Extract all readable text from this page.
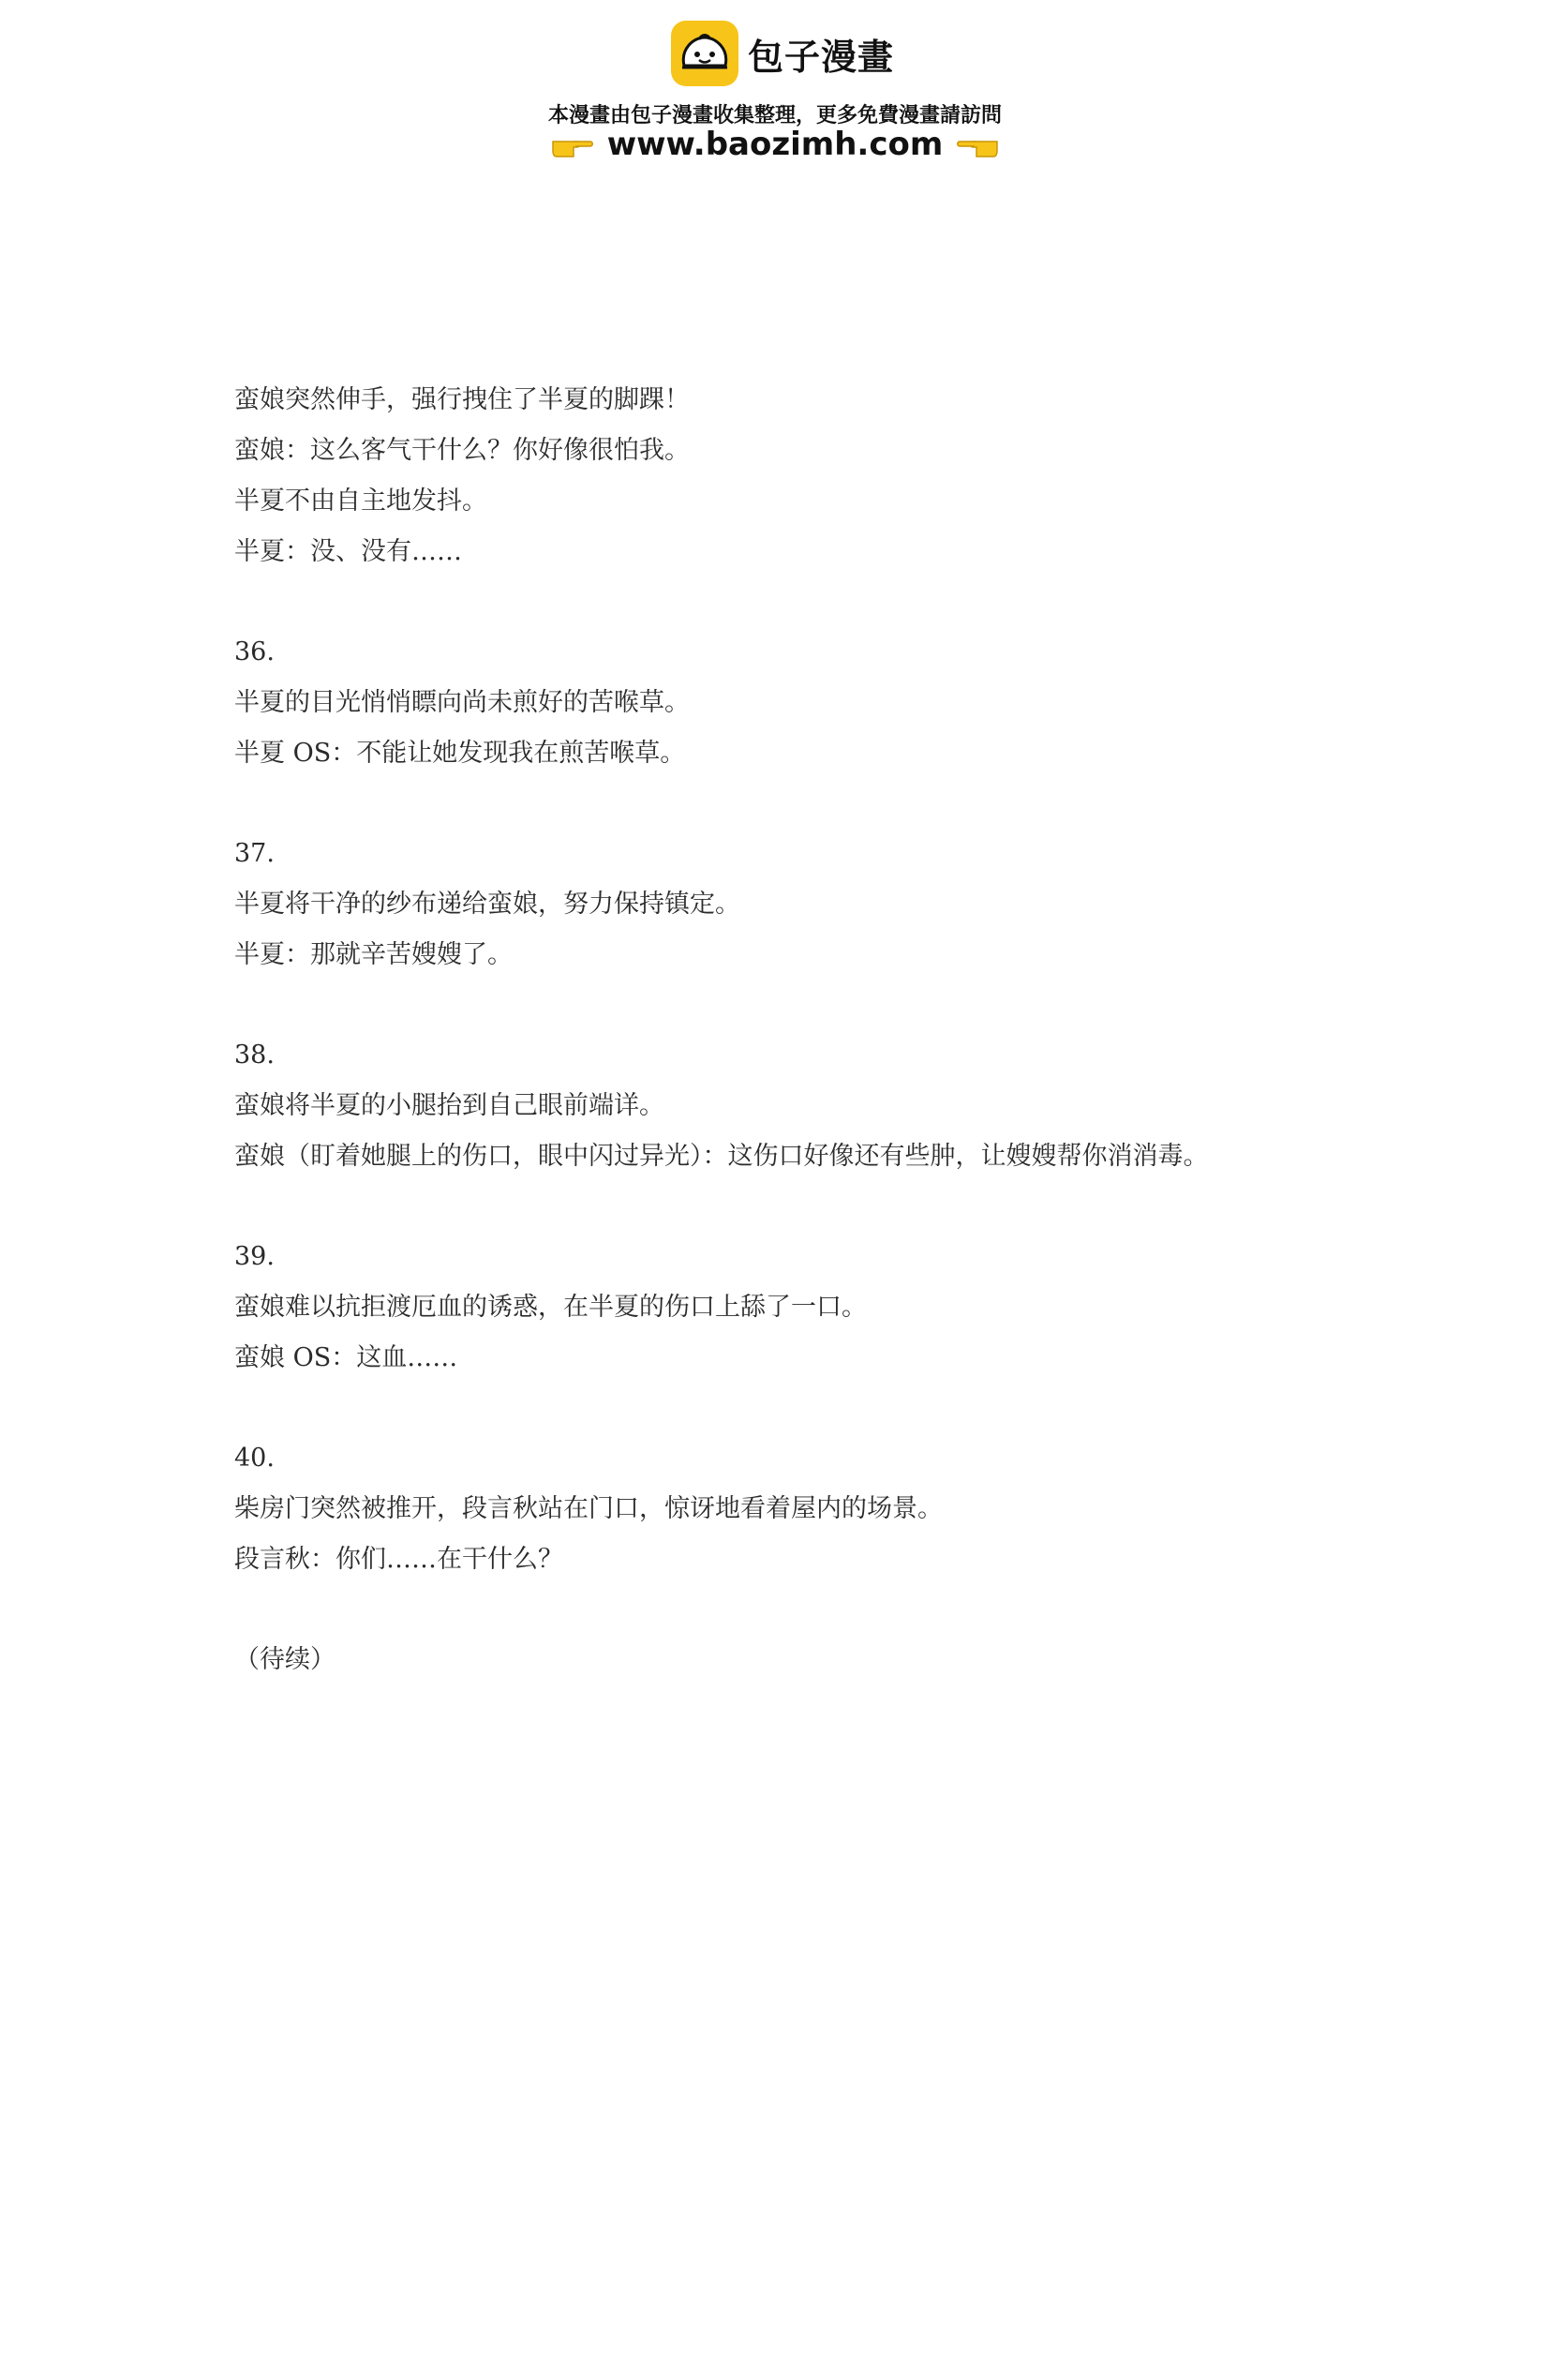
包子漫畫
本漫畫由包子漫畫收集整理，更多免費漫畫請訪問
www.baozimh.com
蛮娘突然伸手，强行拽住了半夏的脚踝！
蛮娘：这么客气干什么？你好像很怕我。
半夏不由自主地发抖。
半夏：没、没有……
36.
半夏的目光悄悄瞟向尚未煎好的苦喉草。
半夏 OS：不能让她发现我在煎苦喉草。
37.
半夏将干净的纱布递给蛮娘，努力保持镇定。
半夏：那就辛苦嫂嫂了。
38.
蛮娘将半夏的小腿抬到自己眼前端详。
蛮娘（盯着她腿上的伤口，眼中闪过异光）：这伤口好像还有些肿，让嫂嫂帮你消消毒。
39.
蛮娘难以抗拒渡厄血的诱惑，在半夏的伤口上舔了一口。
蛮娘 OS：这血……
40.
柴房门突然被推开，段言秋站在门口，惊讶地看着屋内的场景。
段言秋：你们……在干什么？
（待续）
